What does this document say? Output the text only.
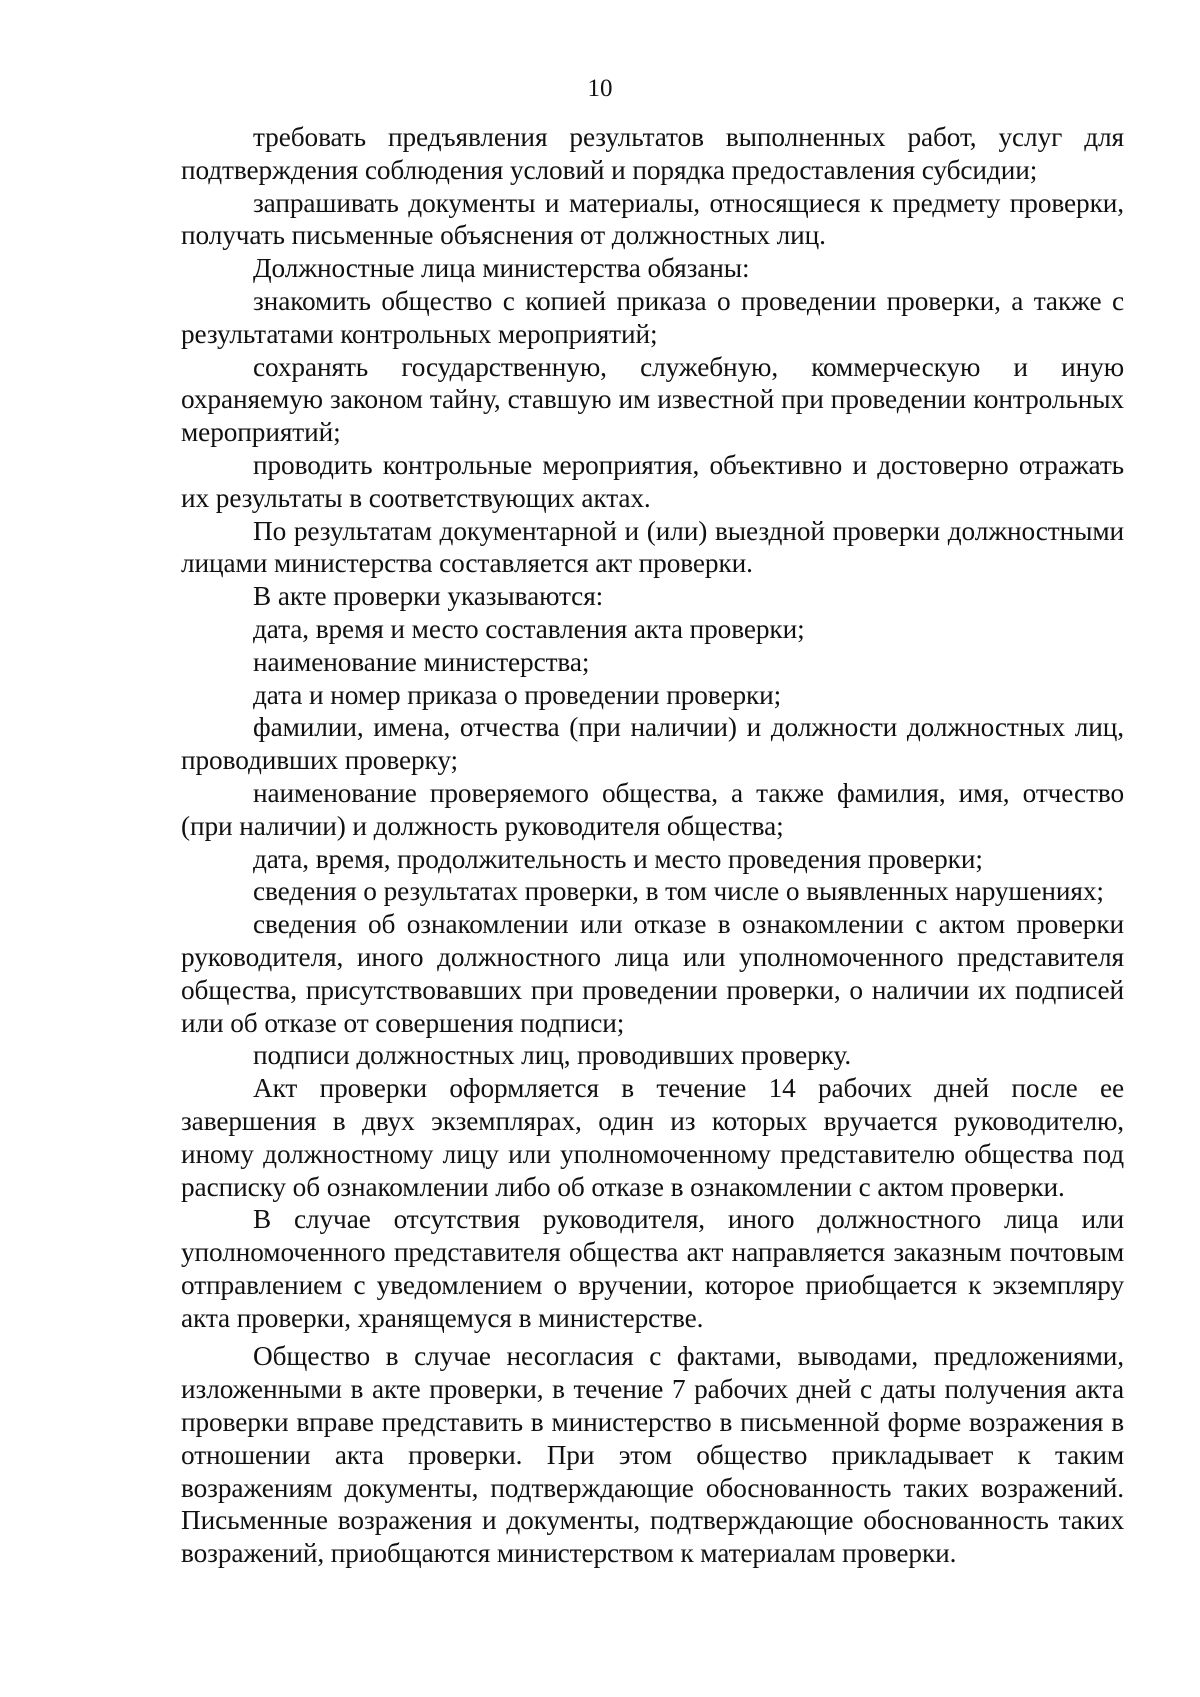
10

требовать предъявления результатов выполненных работ, услуг для подтверждения соблюдения условий и порядка предоставления субсидии;

запрашивать документы и материалы, относящиеся к предмету проверки, получать письменные объяснения от должностных лиц.

Должностные лица министерства обязаны:

знакомить общество с копией приказа о проведении проверки, а также с результатами контрольных мероприятий;

сохранять государственную, служебную, коммерческую и иную охраняемую законом тайну, ставшую им известной при проведении контрольных мероприятий;

проводить контрольные мероприятия, объективно и достоверно отражать их результаты в соответствующих актах.

По результатам документарной и (или) выездной проверки должностными лицами министерства составляется акт проверки.

В акте проверки указываются:

дата, время и место составления акта проверки;

наименование министерства;

дата и номер приказа о проведении проверки;

фамилии, имена, отчества (при наличии) и должности должностных лиц, проводивших проверку;

наименование проверяемого общества, а также фамилия, имя, отчество (при наличии) и должность руководителя общества;

дата, время, продолжительность и место проведения проверки;

сведения о результатах проверки, в том числе о выявленных нарушениях;

сведения об ознакомлении или отказе в ознакомлении с актом проверки руководителя, иного должностного лица или уполномоченного представителя общества, присутствовавших при проведении проверки, о наличии их подписей или об отказе от совершения подписи;

подписи должностных лиц, проводивших проверку.

Акт проверки оформляется в течение 14 рабочих дней после ее завершения в двух экземплярах, один из которых вручается руководителю, иному должностному лицу или уполномоченному представителю общества под расписку об ознакомлении либо об отказе в ознакомлении с актом проверки.

В случае отсутствия руководителя, иного должностного лица или уполномоченного представителя общества акт направляется заказным почтовым отправлением с уведомлением о вручении, которое приобщается к экземпляру акта проверки, хранящемуся в министерстве.

Общество в случае несогласия с фактами, выводами, предложениями, изложенными в акте проверки, в течение 7 рабочих дней с даты получения акта проверки вправе представить в министерство в письменной форме возражения в отношении акта проверки. При этом общество прикладывает к таким возражениям документы, подтверждающие обоснованность таких возражений. Письменные возражения и документы, подтверждающие обоснованность таких возражений, приобщаются министерством к материалам проверки.
